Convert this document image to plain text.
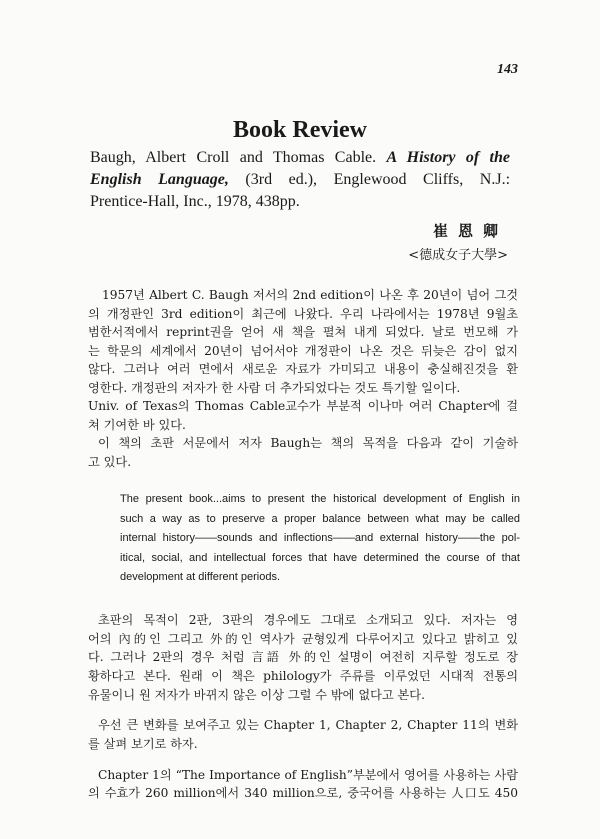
143
Book Review
Baugh, Albert Croll and Thomas Cable. A History of the
English Language, (3rd ed.), Englewood Cliffs, N.J.:
Prentice-Hall, Inc., 1978, 438pp.
崔恩卿
<德成女子大學>

1957년 Albert C. Baugh 저서의 2nd edition이 나온 후 20년이 넘어 그것
의 개정판인 3rd edition이 최근에 나왔다. 우리 나라에서는 1978년 9월초
범한서적에서 reprint권을 얻어 새 책을 펼쳐 내게 되었다. 날로 번모해 가
는 학문의 세계에서 20년이 넘어서야 개정판이 나온 것은 뒤늦은 감이 없지
않다. 그러나 여러 면에서 새로운 자료가 가미되고 내용이 충실해진것을 환
영한다. 개정판의 저자가 한 사람 더 추가되었다는 것도 특기할 일이다.
Univ. of Texas의 Thomas Cable교수가 부분적 이나마 여러 Chapter에 걸
쳐 기여한 바 있다.

이 책의 초판 서문에서 저자 Baugh는 책의 목적을 다음과 같이 기술하
고 있다.

The present book...aims to present the historical development of English in
such a way as to preserve a proper balance between what may be called
internal history——sounds and inflections——and external history——the pol-
itical, social, and intellectual forces that have determined the course of that
development at different periods.

초판의 목적이 2판, 3판의 경우에도 그대로 소개되고 있다. 저자는 영
어의 內的인 그리고 外的인 역사가 균형있게 다루어지고 있다고 밝히고 있
다. 그러나 2판의 경우 처럼 言語 外的인 설명이 여전히 지루할 정도로 장
황하다고 본다. 원래 이 책은 philology가 주류를 이루었던 시대적 전통의
유물이니 원 저자가 바뀌지 않은 이상 그럴 수 밖에 없다고 본다.

우선 큰 변화를 보여주고 있는 Chapter 1, Chapter 2, Chapter 11의 변화
를 살펴 보기로 하자.

Chapter 1의 “The Importance of English”부분에서 영어를 사용하는 사람
의 수효가 260 million에서 340 million으로, 중국어를 사용하는 人口도 450
